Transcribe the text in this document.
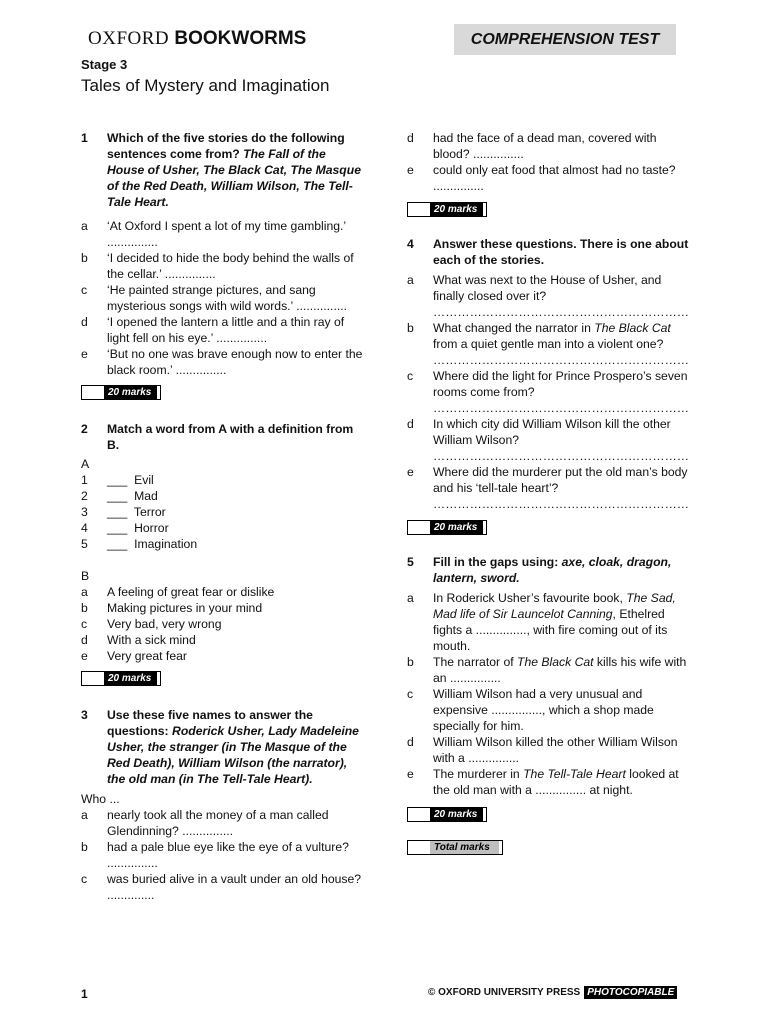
OXFORD BOOKWORMS	COMPREHENSION TEST
Stage 3
Tales of Mystery and Imagination
1 Which of the five stories do the following sentences come from? The Fall of the House of Usher, The Black Cat, The Masque of the Red Death, William Wilson, The Tell-Tale Heart.
a ‘At Oxford I spent a lot of my time gambling.’ ...............
b ‘I decided to hide the body behind the walls of the cellar.’ ...............
c ‘He painted strange pictures, and sang mysterious songs with wild words.’ ...............
d ‘I opened the lantern a little and a thin ray of light fell on his eye.’ ...............
e ‘But no one was brave enough now to enter the black room.’ ...............
20 marks
2 Match a word from A with a definition from B.
A
1 ___  Evil
2 ___  Mad
3 ___  Terror
4 ___  Horror
5 ___  Imagination
B
a A feeling of great fear or dislike
b Making pictures in your mind
c Very bad, very wrong
d With a sick mind
e Very great fear
20 marks
3 Use these five names to answer the questions: Roderick Usher, Lady Madeleine Usher, the stranger (in The Masque of the Red Death), William Wilson (the narrator), the old man (in The Tell-Tale Heart).
Who ...
a nearly took all the money of a man called Glendinning? ...............
b had a pale blue eye like the eye of a vulture? ...............
c was buried alive in a vault under an old house? ..............
d had the face of a dead man, covered with blood? ...............
e could only eat food that almost had no taste? ...............
20 marks
4 Answer these questions. There is one about each of the stories.
a What was next to the House of Usher, and finally closed over it?
………………………………………………………
b What changed the narrator in The Black Cat from a quiet gentle man into a violent one?
………………………………………………………
c Where did the light for Prince Prospero’s seven rooms come from?
………………………………………………………
d In which city did William Wilson kill the other William Wilson?
………………………………………………………
e Where did the murderer put the old man’s body and his ‘tell-tale heart’?
………………………………………………………
20 marks
5 Fill in the gaps using: axe, cloak, dragon, lantern, sword.
a In Roderick Usher’s favourite book, The Sad, Mad life of Sir Launcelot Canning, Ethelred fights a ..............., with fire coming out of its mouth.
b The narrator of The Black Cat kills his wife with an ...............
c William Wilson had a very unusual and expensive ..............., which a shop made specially for him.
d William Wilson killed the other William Wilson with a ...............
e The murderer in The Tell-Tale Heart looked at the old man with a ............... at night.
20 marks
Total marks
1	© OXFORD UNIVERSITY PRESS PHOTOCOPIABLE
